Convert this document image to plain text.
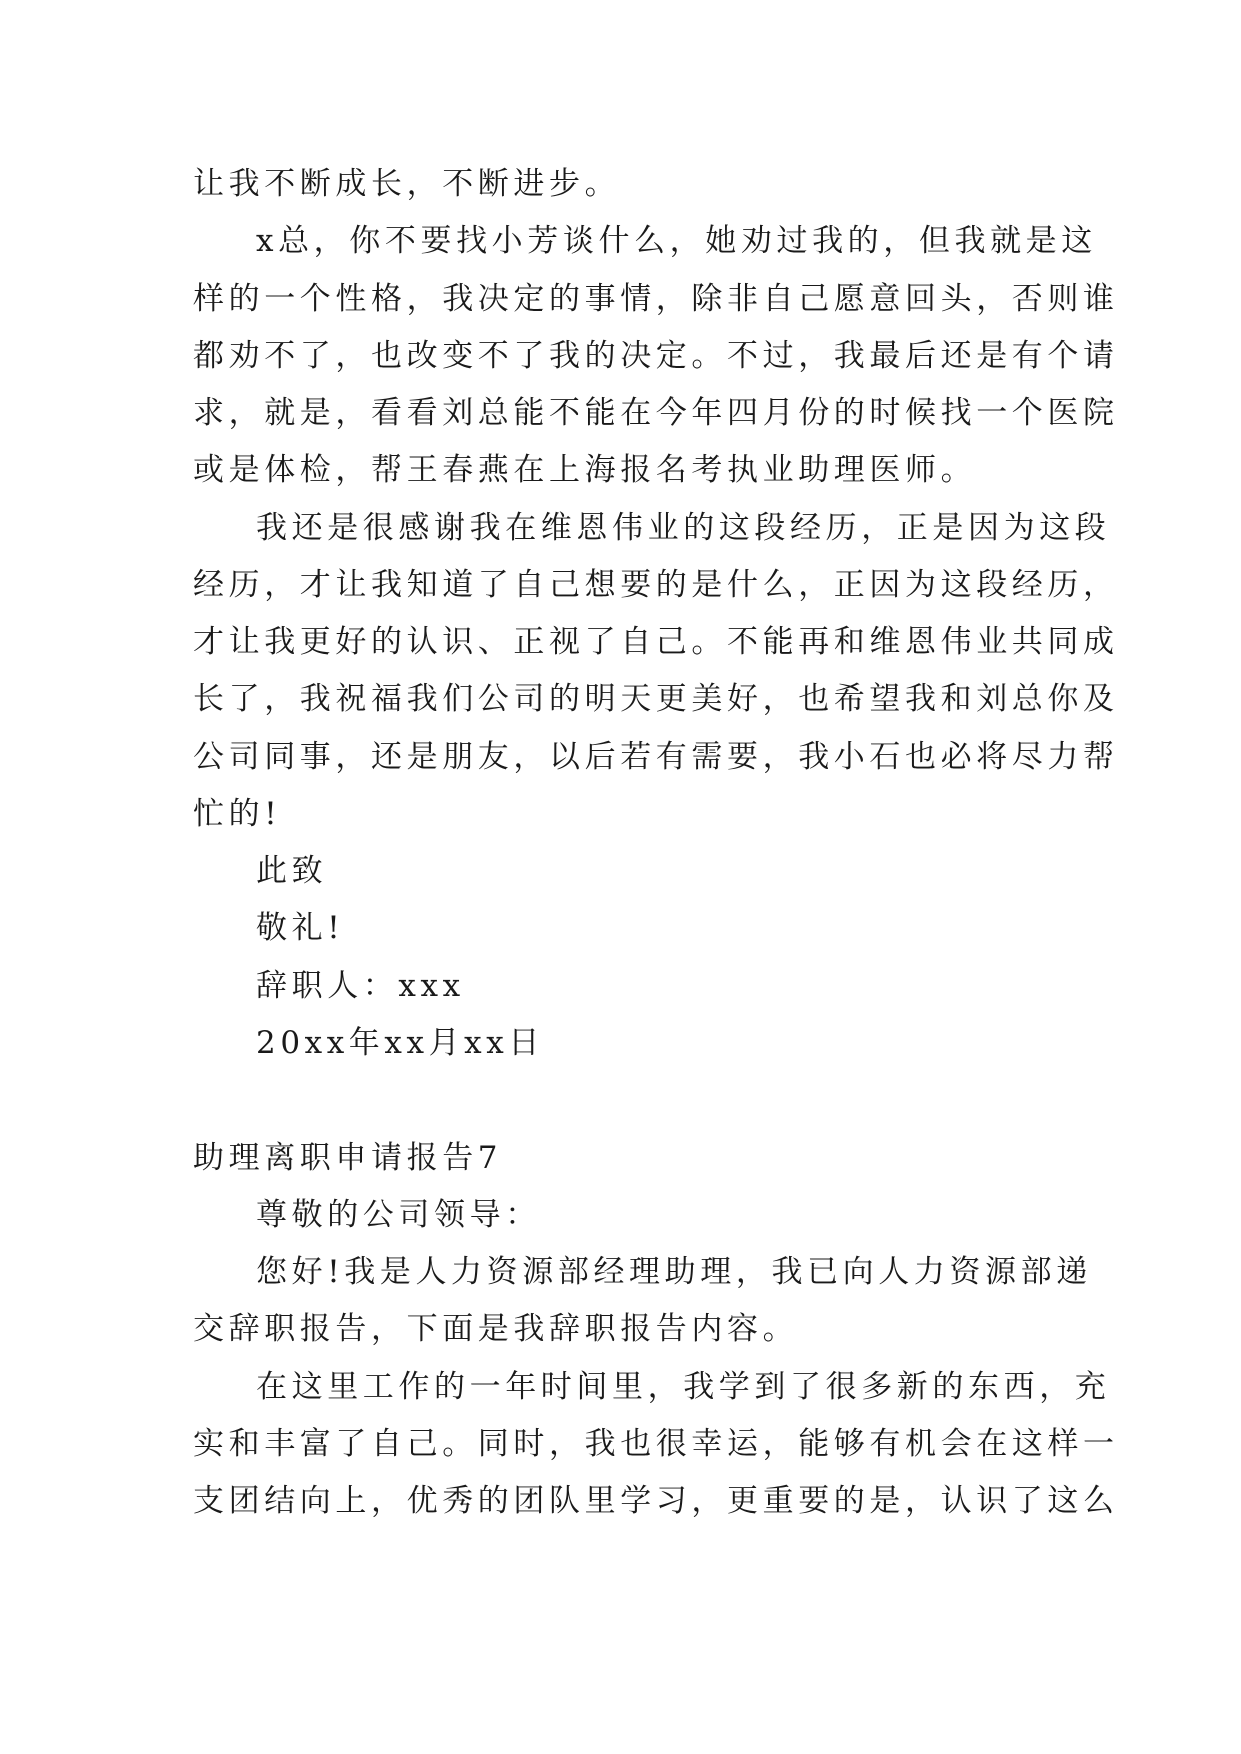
让我不断成长，不断进步。
x总，你不要找小芳谈什么，她劝过我的，但我就是这
样的一个性格，我决定的事情，除非自己愿意回头，否则谁
都劝不了，也改变不了我的决定。不过，我最后还是有个请
求，就是，看看刘总能不能在今年四月份的时候找一个医院
或是体检，帮王春燕在上海报名考执业助理医师。
我还是很感谢我在维恩伟业的这段经历，正是因为这段
经历，才让我知道了自己想要的是什么，正因为这段经历，
才让我更好的认识、正视了自己。不能再和维恩伟业共同成
长了，我祝福我们公司的明天更美好，也希望我和刘总你及
公司同事，还是朋友，以后若有需要，我小石也必将尽力帮
忙的!
此致
敬礼!
辞职人：xxx
20xx年xx月xx日
助理离职申请报告7
尊敬的公司领导：
您好!我是人力资源部经理助理，我已向人力资源部递
交辞职报告，下面是我辞职报告内容。
在这里工作的一年时间里，我学到了很多新的东西，充
实和丰富了自己。同时，我也很幸运，能够有机会在这样一
支团结向上，优秀的团队里学习，更重要的是，认识了这么
